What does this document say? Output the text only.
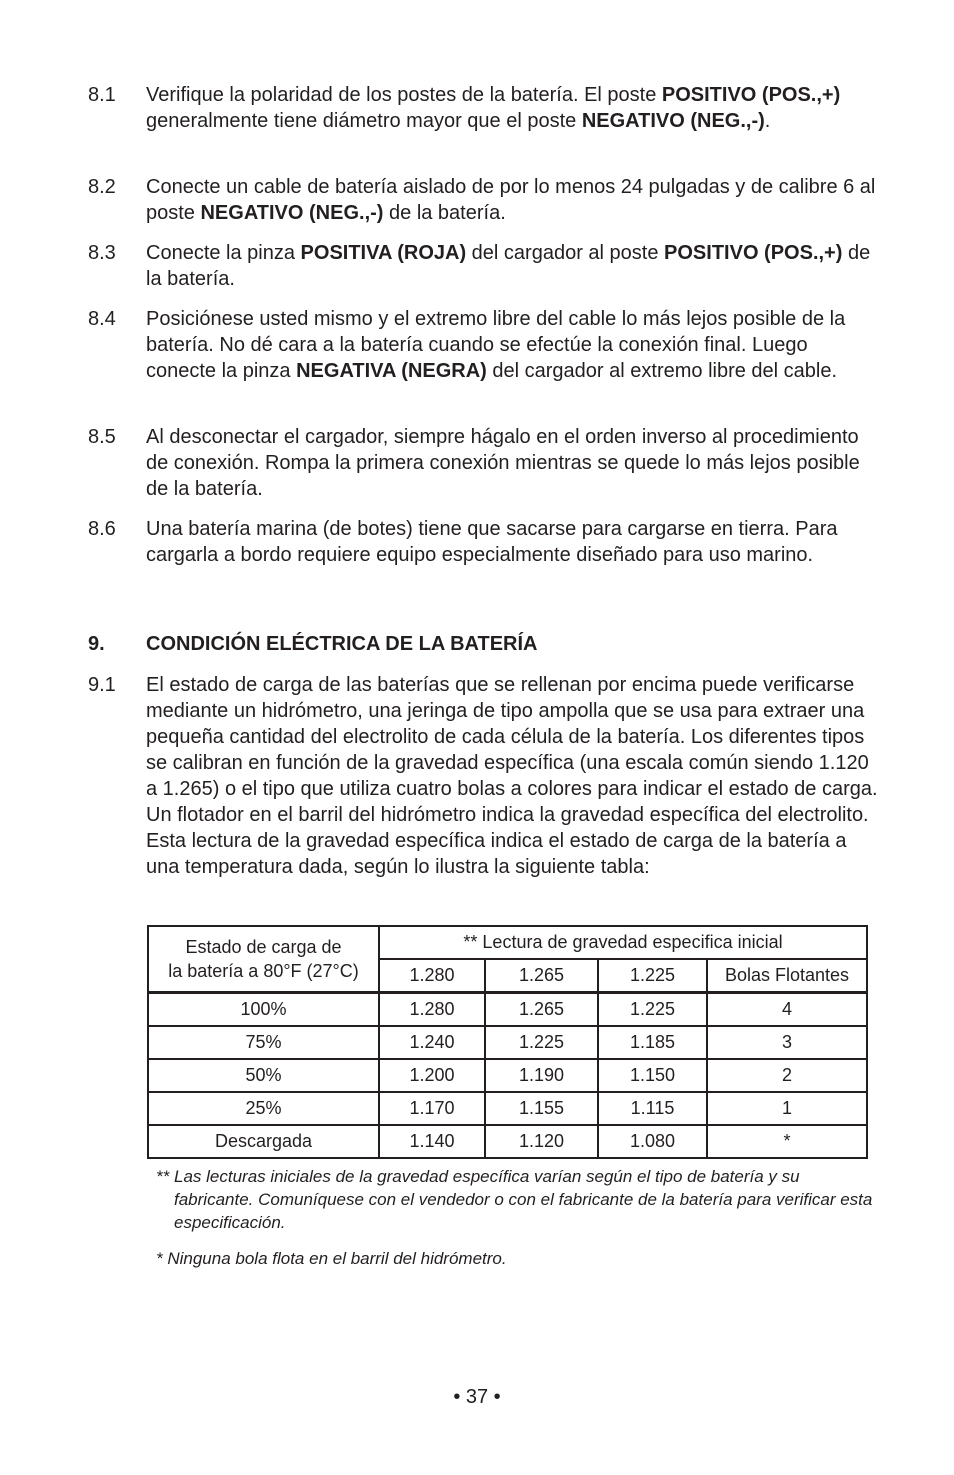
8.1 Verifique la polaridad de los postes de la batería. El poste POSITIVO (POS.,+) generalmente tiene diámetro mayor que el poste NEGATIVO (NEG.,-).
8.2 Conecte un cable de batería aislado de por lo menos 24 pulgadas y de calibre 6 al poste NEGATIVO (NEG.,-) de la batería.
8.3 Conecte la pinza POSITIVA (ROJA) del cargador al poste POSITIVO (POS.,+) de la batería.
8.4 Posiciónese usted mismo y el extremo libre del cable lo más lejos posible de la batería. No dé cara a la batería cuando se efectúe la conexión final. Luego conecte la pinza NEGATIVA (NEGRA) del cargador al extremo libre del cable.
8.5 Al desconectar el cargador, siempre hágalo en el orden inverso al procedimiento de conexión. Rompa la primera conexión mientras se quede lo más lejos posible de la batería.
8.6 Una batería marina (de botes) tiene que sacarse para cargarse en tierra. Para cargarla a bordo requiere equipo especialmente diseñado para uso marino.
9. CONDICIÓN ELÉCTRICA DE LA BATERÍA
9.1 El estado de carga de las baterías que se rellenan por encima puede verificarse mediante un hidrómetro, una jeringa de tipo ampolla que se usa para extraer una pequeña cantidad del electrolito de cada célula de la batería. Los diferentes tipos se calibran en función de la gravedad específica (una escala común siendo 1.120 a 1.265) o el tipo que utiliza cuatro bolas a colores para indicar el estado de carga. Un flotador en el barril del hidrómetro indica la gravedad específica del electrolito. Esta lectura de la gravedad específica indica el estado de carga de la batería a una temperatura dada, según lo ilustra la siguiente tabla:
Estado de carga de
la batería a 80°F (27°C)	** Lectura de gravedad especifica inicial			
	1.280	1.265	1.225	Bolas Flotantes
100%	1.280	1.265	1.225	4
75%	1.240	1.225	1.185	3
50%	1.200	1.190	1.150	2
25%	1.170	1.155	1.115	1
Descargada	1.140	1.120	1.080	*
** Las lecturas iniciales de la gravedad específica varían según el tipo de batería y su fabricante. Comuníquese con el vendedor o con el fabricante de la batería para verificar esta especificación.
* Ninguna bola flota en el barril del hidrómetro.
• 37 •
